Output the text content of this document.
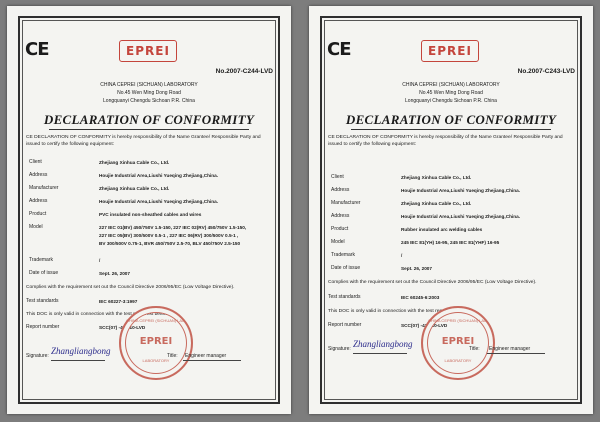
CE	EPREI
No.2007-C244-LVD
CHINA CEPREI (SICHUAN) LABORATORY
No.45 Wen Ming Dong Road
Longquanyi Chengdu Sichoan P.R. China
DECLARATION OF CONFORMITY
CE DECLARATION OF CONFORMITY is hereby responsibility of the Name Grantee/ Responsible Party and issued to certify the following equipment:
Client	Zhejiang Xinhua Cable Co., Ltd.
Address	Houjie Industrial Area,Liushi Yueqing Zhejiang,China.
Manufacturer	Zhejiang Xinhua Cable Co., Ltd.
Address	Houjie Industrial Area,Liushi Yueqing Zhejiang,China.
Product	PVC insulated non-sheathed cables and wires
Model	227 IEC 01(BV) 450/750V 1.5-150, 227 IEC 02(RV) 450/750V 1.5-150,
227 IEC 05(BV) 300/500V 0.5-1 , 227 IEC 06(RV) 300/500V 0.5-1 ,
BV 300/500V 0.75-1, BVR 450/750V 2.5-70, BLV 450/750V 2.5-150
Trademark	/
Date of issue	Sept. 26, 2007
Complies with the requirement set out the Council Directive 2006/95/EC (Low Voltage Directive).
Test standards	IEC 60227-3:1997
This DOC is only valid in connection with the test report list below:
Report number	SCC(07) -436-10-LVD
CHINA CEPREI (SICHUAN) LAB.
EPREI
LABORATORY
Signature: Zhangliangbong	Title: Engineer manager
CE	EPREI
No.2007-C243-LVD
CHINA CEPREI (SICHUAN) LABORATORY
No.45 Wen Ming Dong Road
Longquanyi Chengdu Sichoan P.R. China
DECLARATION OF CONFORMITY
CE DECLARATION OF CONFORMITY is hereby responsibility of the Name Grantee/ Responsible Party and issued to certify the following equipment:
Client	Zhejiang Xinhua Cable Co., Ltd.
Address	Houjie Industrial Area,Liushi Yueqing Zhejiang,China.
Manufacturer	Zhejiang Xinhua Cable Co., Ltd.
Address	Houjie Industrial Area,Liushi Yueqing Zhejiang,China.
Product	Rubber insulated arc welding cables
Model	245 IEC 81(YH) 16-95, 245 IEC 81(YHF) 16-95
Trademark	/
Date of issue	Sept. 26, 2007
Complies with the requirement set out the Council Directive 2006/95/EC (Low Voltage Directive).
Test standards	IEC 60245-6:2003
This DOC is only valid in connection with the test report list below:
Report number	SCC(07) -435-10-LVD
CHINA CEPREI (SICHUAN) LAB.
EPREI
LABORATORY
Signature: Zhangliangbong	Title: Engineer manager
